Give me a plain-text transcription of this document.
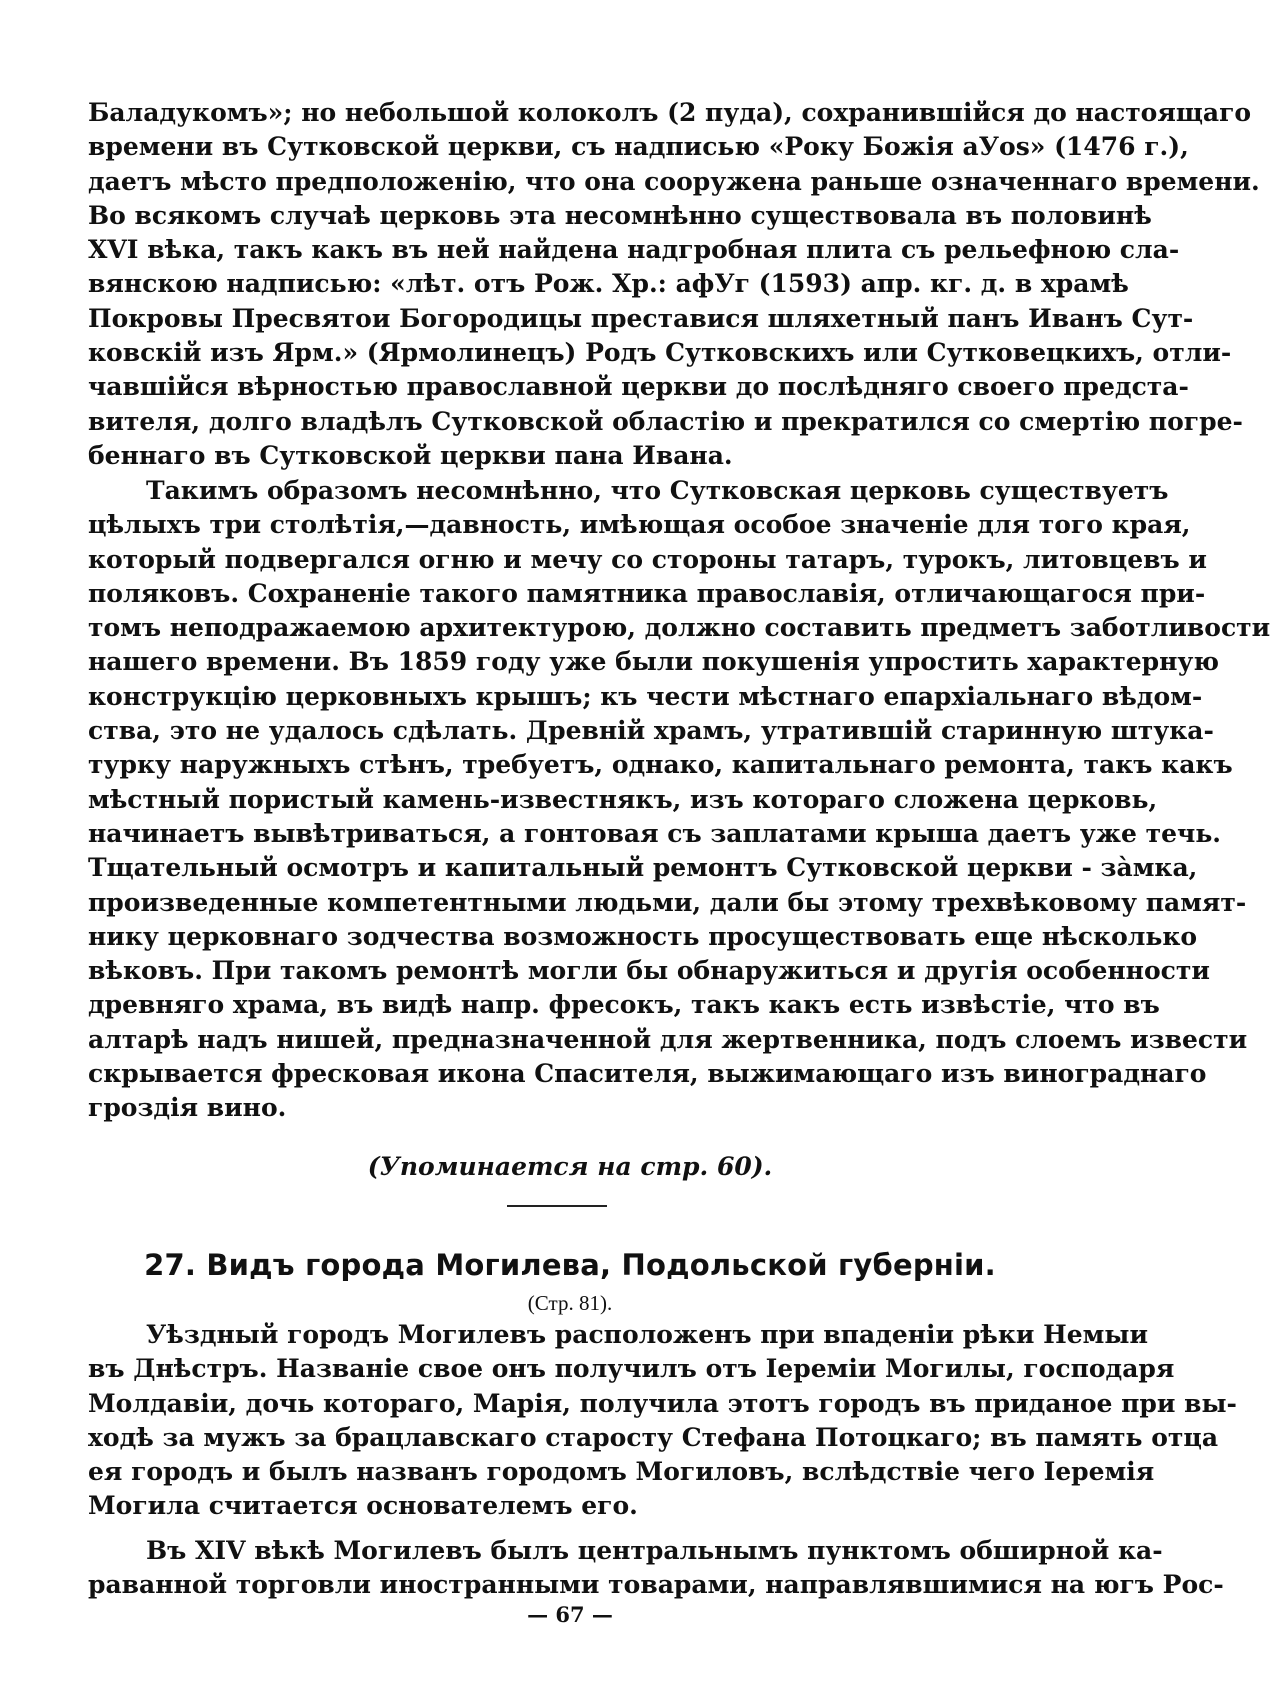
Баладукомъ»; но небольшой колоколъ (2 пуда), сохранившійся до настоящаго
времени въ Сутковской церкви, съ надписью «Року Божія аУоѕ» (1476 г.),
даетъ мѣсто предположенію, что она сооружена раньше означеннаго времени.
Во всякомъ случаѣ церковь эта несомнѣнно существовала въ половинѣ
XVI вѣка, такъ какъ въ ней найдена надгробная плита съ рельефною сла-
вянскою надписью: «лѣт. отъ Рож. Хр.: афУг (1593) апр. кг. д. в храмѣ
Покровы Пресвятои Богородицы преставися шляхетный панъ Иванъ Сут-
ковскій изъ Ярм.» (Ярмолинецъ) Родъ Сутковскихъ или Сутковецкихъ, отли-
чавшійся вѣрностью православной церкви до послѣдняго своего предста-
вителя, долго владѣлъ Сутковской областію и прекратился со смертію погре-
беннаго въ Сутковской церкви пана Ивана.
Такимъ образомъ несомнѣнно, что Сутковская церковь существуетъ
цѣлыхъ три столѣтія,—давность, имѣющая особое значеніе для того края,
который подвергался огню и мечу со стороны татаръ, турокъ, литовцевъ и
поляковъ. Сохраненіе такого памятника православія, отличающагося при-
томъ неподражаемою архитектурою, должно составить предметъ заботливости
нашего времени. Въ 1859 году уже были покушенія упростить характерную
конструкцію церковныхъ крышъ; къ чести мѣстнаго епархіальнаго вѣдом-
ства, это не удалось сдѣлать. Древній храмъ, утратившій старинную штука-
турку наружныхъ стѣнъ, требуетъ, однако, капитальнаго ремонта, такъ какъ
мѣстный пористый камень-известнякъ, изъ котораго сложена церковь,
начинаетъ вывѣтриваться, а гонтовая съ заплатами крыша даетъ уже течь.
Тщательный осмотръ и капитальный ремонтъ Сутковской церкви - зàмка,
произведенные компетентными людьми, дали бы этому трехвѣковому памят-
нику церковнаго зодчества возможность просуществовать еще нѣсколько
вѣковъ. При такомъ ремонтѣ могли бы обнаружиться и другія особенности
древняго храма, въ видѣ напр. фресокъ, такъ какъ есть извѣстіе, что въ
алтарѣ надъ нишей, предназначенной для жертвенника, подъ слоемъ извести
скрывается фресковая икона Спасителя, выжимающаго изъ винограднаго
гроздія вино.
(Упоминается на стр. 60).
27. Видъ города Могилева, Подольской губерніи.
(Стр. 81).
Уѣздный городъ Могилевъ расположенъ при впаденіи рѣки Немыи
въ Днѣстръ. Названіе свое онъ получилъ отъ Іереміи Могилы, господаря
Молдавіи, дочь котораго, Марія, получила этотъ городъ въ приданое при вы-
ходѣ за мужъ за брацлавскаго старосту Стефана Потоцкаго; въ память отца
ея городъ и былъ названъ городомъ Могиловъ, вслѣдствіе чего Іеремія
Могила считается основателемъ его.
Въ XIV вѣкѣ Могилевъ былъ центральнымъ пунктомъ обширной ка-
раванной торговли иностранными товарами, направлявшимися на югъ Рос-
— 67 —
